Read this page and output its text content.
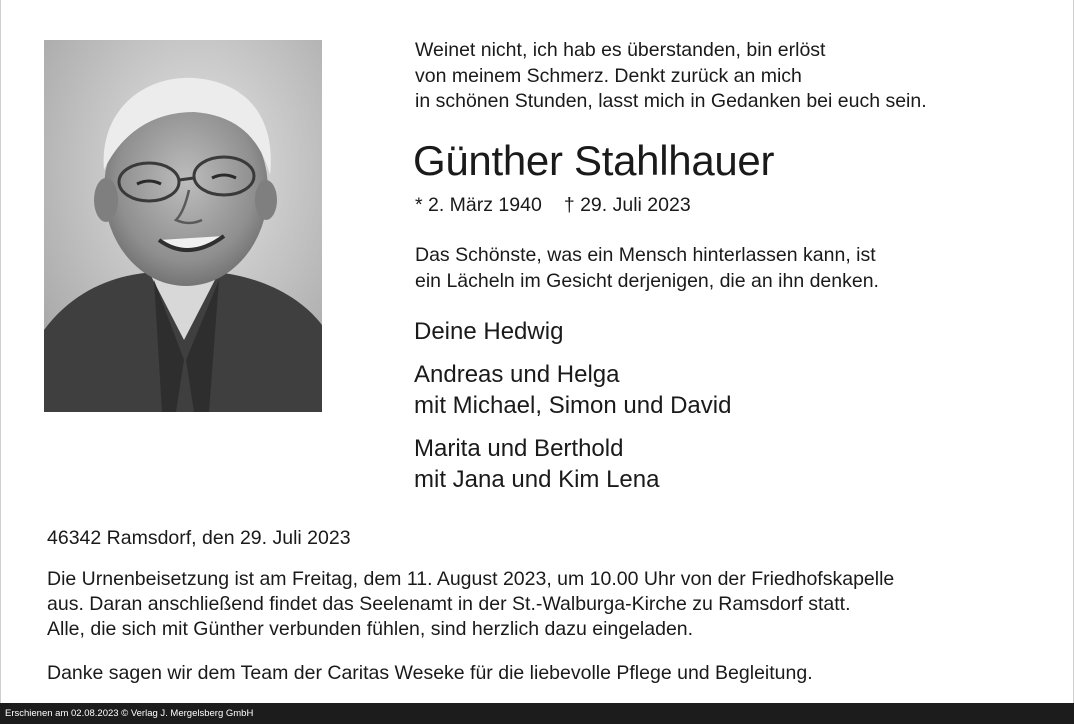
Weinet nicht, ich hab es überstanden, bin erlöst
von meinem Schmerz. Denkt zurück an mich
in schönen Stunden, lasst mich in Gedanken bei euch sein.
Günther Stahlhauer
* 2. März 1940 † 29. Juli 2023
Das Schönste, was ein Mensch hinterlassen kann, ist
ein Lächeln im Gesicht derjenigen, die an ihn denken.
Deine Hedwig
Andreas und Helga
mit Michael, Simon und David
Marita und Berthold
mit Jana und Kim Lena
46342 Ramsdorf, den 29. Juli 2023
Die Urnenbeisetzung ist am Freitag, dem 11. August 2023, um 10.00 Uhr von der Friedhofskapelle
aus. Daran anschließend findet das Seelenamt in der St.-Walburga-Kirche zu Ramsdorf statt.
Alle, die sich mit Günther verbunden fühlen, sind herzlich dazu eingeladen.
Danke sagen wir dem Team der Caritas Weseke für die liebevolle Pflege und Begleitung.
Erschienen am 02.08.2023 © Verlag J. Mergelsberg GmbH
